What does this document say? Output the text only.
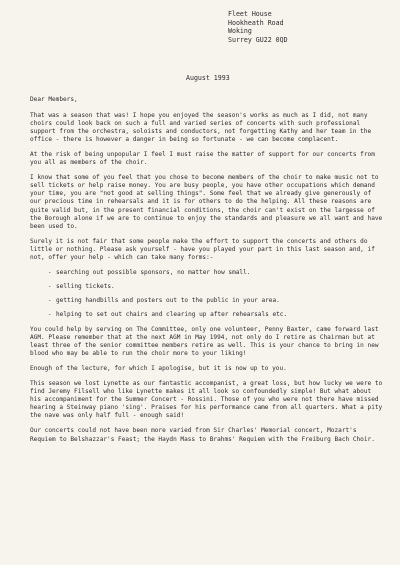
Fleet House
Hookheath Road
Woking
Surrey GU22 0QD
August 1993

Dear Members,

That was a season that was! I hope you enjoyed the season's works as much as I did, not many choirs could look back on such a full and varied series of concerts with such professional support from the orchestra, soloists and conductors, not forgetting Kathy and her team in the office - there is however a danger in being so fortunate - we can become complacent.

At the risk of being unpopular I feel I must raise the matter of support for our concerts from you all as members of the choir.

I know that some of you feel that you chose to become members of the choir to make music not to sell tickets or help raise money. You are busy people, you have other occupations which demand your time, you are "not good at selling things". Some feel that we already give generously of our precious time in rehearsals and it is for others to do the helping. All these reasons are quite valid but, in the present financial conditions, the choir can't exist on the largesse of the Borough alone if we are to continue to enjoy the standards and pleasure we all want and have been used to.

Surely it is not fair that some people make the effort to support the concerts and others do little or nothing. Please ask yourself - have you played your part in this last season and, if not, offer your help - which can take many forms:-

. searching out possible sponsors, no matter how small.
. selling tickets.
. getting handbills and posters out to the public in your area.
. helping to set out chairs and clearing up after rehearsals etc.

You could help by serving on The Committee, only one volunteer, Penny Baxter, came forward last AGM. Please remember that at the next AGM in May 1994, not only do I retire as Chairman but at least three of the senior committee members retire as well. This is your chance to bring in new blood who may be able to run the choir more to your liking!

Enough of the lecture, for which I apologise, but it is now up to you.

This season we lost Lynette as our fantastic accompanist, a great loss, but how lucky we were to find Jeremy Filsell who like Lynette makes it all look so confoundedly simple! But what about his accompaniment for the Summer Concert - Rossini. Those of you who were not there have missed hearing a Steinway piano 'sing'. Praises for his performance came from all quarters. What a pity the nave was only half full - enough said!

Our concerts could not have been more varied from Sir Charles' Memorial concert, Mozart's Requiem to Belshazzar's Feast; the Haydn Mass to Brahms' Requiem with the Freiburg Bach Choir.
